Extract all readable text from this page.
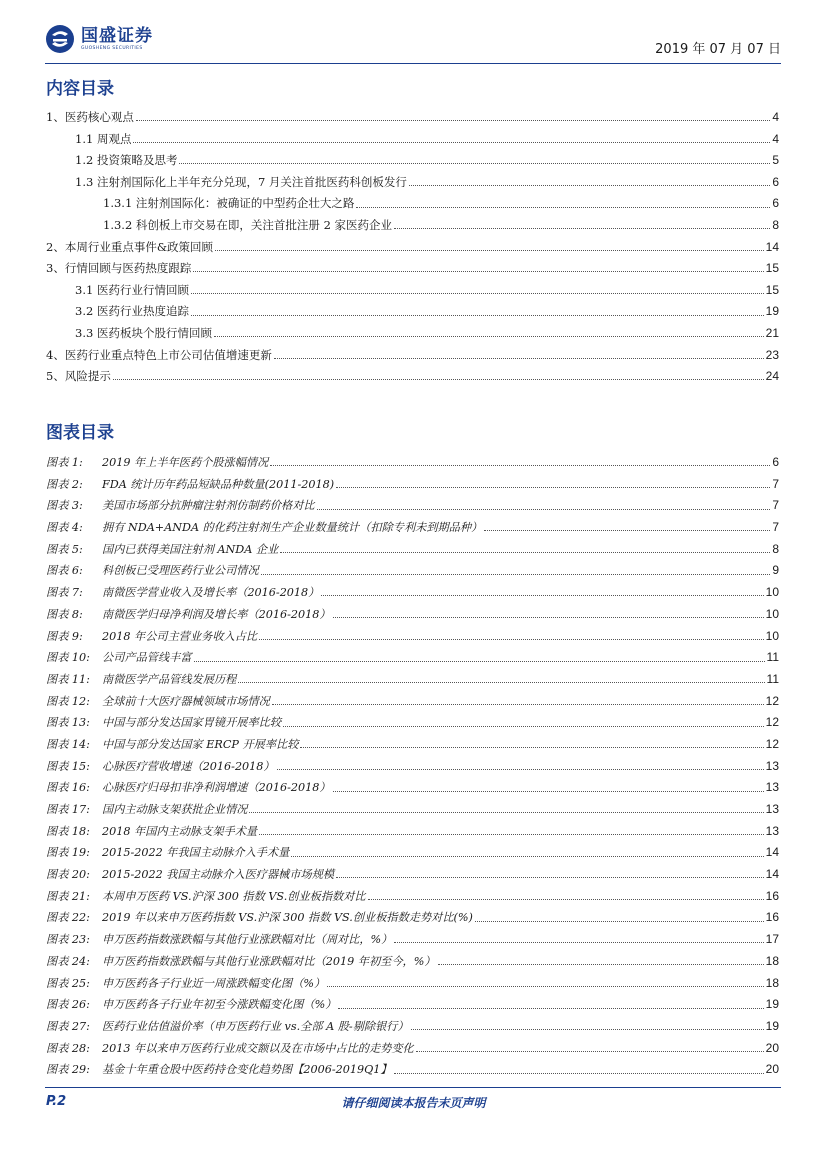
国盛证券
GUOSHENG SECURITIES	2019 年 07 月 07 日
内容目录
1、医药核心观点	4
1.1 周观点	4
1.2 投资策略及思考	5
1.3 注射剂国际化上半年充分兑现，7 月关注首批医药科创板发行	6
1.3.1 注射剂国际化：被确证的中型药企壮大之路	6
1.3.2 科创板上市交易在即，关注首批注册 2 家医药企业	8
2、本周行业重点事件&政策回顾	14
3、行情回顾与医药热度跟踪	15
3.1 医药行业行情回顾	15
3.2 医药行业热度追踪	19
3.3 医药板块个股行情回顾	21
4、医药行业重点特色上市公司估值增速更新	23
5、风险提示	24
图表目录
图表 1:	2019 年上半年医药个股涨幅情况	6
图表 2:	FDA 统计历年药品短缺品种数量(2011-2018)	7
图表 3:	美国市场部分抗肿瘤注射剂仿制药价格对比	7
图表 4:	拥有 NDA+ANDA 的化药注射剂生产企业数量统计（扣除专利未到期品种）	7
图表 5:	国内已获得美国注射剂 ANDA 企业	8
图表 6:	科创板已受理医药行业公司情况	9
图表 7:	南微医学营业收入及增长率（2016-2018）	10
图表 8:	南微医学归母净利润及增长率（2016-2018）	10
图表 9:	2018 年公司主营业务收入占比	10
图表 10:	公司产品管线丰富	11
图表 11:	南微医学产品管线发展历程	11
图表 12:	全球前十大医疗器械领域市场情况	12
图表 13:	中国与部分发达国家胃镜开展率比较	12
图表 14:	中国与部分发达国家 ERCP 开展率比较	12
图表 15:	心脉医疗营收增速（2016-2018）	13
图表 16:	心脉医疗归母扣非净利润增速（2016-2018）	13
图表 17:	国内主动脉支架获批企业情况	13
图表 18:	2018 年国内主动脉支架手术量	13
图表 19:	2015-2022 年我国主动脉介入手术量	14
图表 20:	2015-2022 我国主动脉介入医疗器械市场规模	14
图表 21:	本周申万医药 VS.沪深 300 指数 VS.创业板指数对比	16
图表 22:	2019 年以来申万医药指数 VS.沪深 300 指数 VS.创业板指数走势对比(%)	16
图表 23:	申万医药指数涨跌幅与其他行业涨跌幅对比（周对比，%）	17
图表 24:	申万医药指数涨跌幅与其他行业涨跌幅对比（2019 年初至今，%）	18
图表 25:	申万医药各子行业近一周涨跌幅变化图（%）	18
图表 26:	申万医药各子行业年初至今涨跌幅变化图（%）	19
图表 27:	医药行业估值溢价率（申万医药行业 vs.全部 A 股-剔除银行）	19
图表 28:	2013 年以来申万医药行业成交额以及在市场中占比的走势变化	20
图表 29:	基金十年重仓股中医药持仓变化趋势图【2006-2019Q1】	20
请仔细阅读本报告末页声明
P.2
